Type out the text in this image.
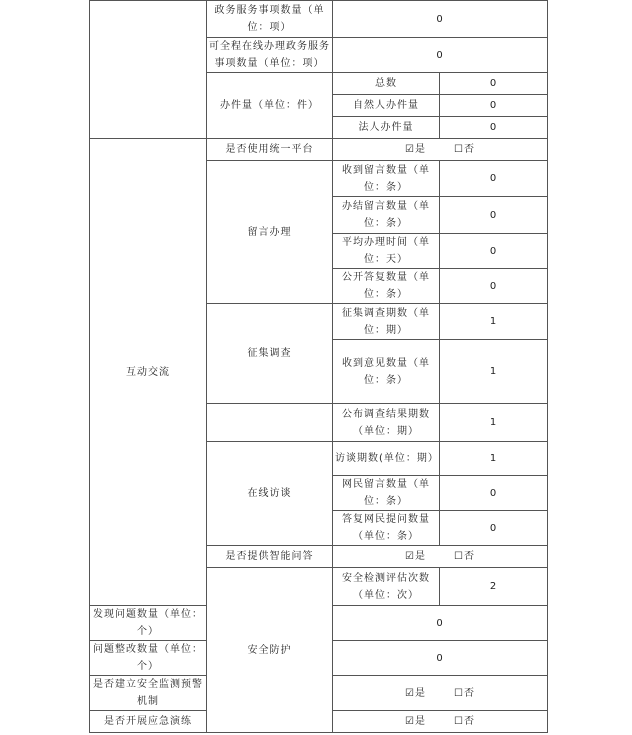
	政务服务事项数量（单位：项）	0	
	可全程在线办理政务服务事项数量（单位：项）	0	
	办件量（单位：件）	总数	0
		自然人办件量	0
		法人办件量	0
互动交流	是否使用统一平台	☑是 ☐否	
	留言办理	收到留言数量（单位：条）	0
		办结留言数量（单位：条）	0
		平均办理时间（单位：天）	0
		公开答复数量（单位：条）	0
	征集调查	征集调查期数（单位：期）	1
		收到意见数量（单位：条）	1
		公布调查结果期数（单位：期）	1
	在线访谈	访谈期数(单位：期）	1
		网民留言数量（单位：条）	0
		答复网民提问数量（单位：条）	0
	是否提供智能问答	☑是 ☐否	
	安全防护	安全检测评估次数（单位：次）	2
发现问题数量（单位：个）		0	
问题整改数量（单位：个）		0	
是否建立安全监测预警机制		☑是 ☐否	
是否开展应急演练		☑是 ☐否	
